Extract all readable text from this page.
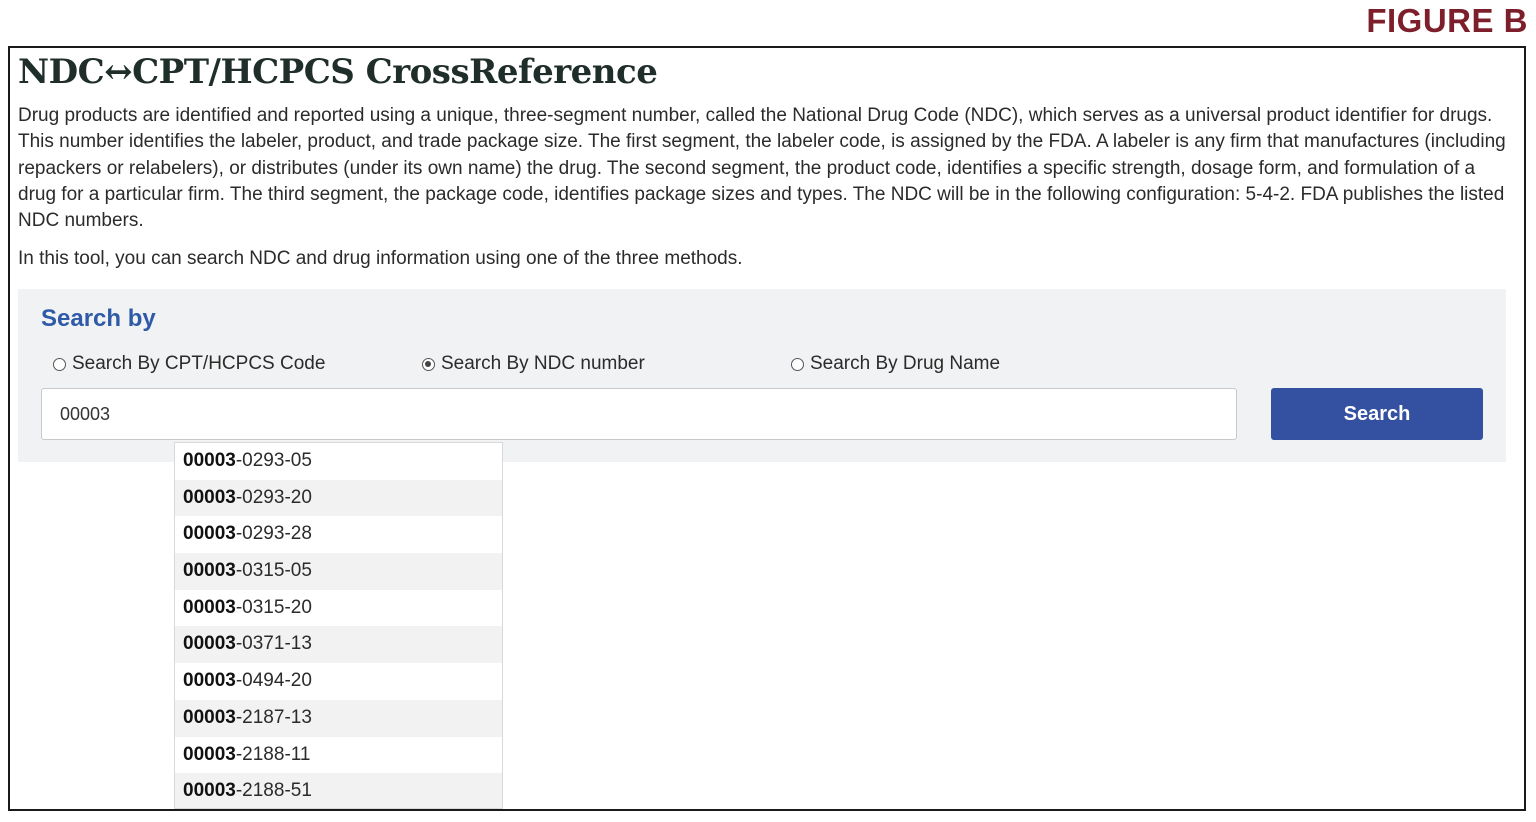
FIGURE B
NDC↔CPT/HCPCS CrossReference

Drug products are identified and reported using a unique, three-segment number, called the National Drug Code (NDC), which serves as a universal product identifier for drugs. This number identifies the labeler, product, and trade package size. The first segment, the labeler code, is assigned by the FDA. A labeler is any firm that manufactures (including repackers or relabelers), or distributes (under its own name) the drug. The second segment, the product code, identifies a specific strength, dosage form, and formulation of a drug for a particular firm. The third segment, the package code, identifies package sizes and types. The NDC will be in the following configuration: 5-4-2. FDA publishes the listed NDC numbers.

In this tool, you can search NDC and drug information using one of the three methods.

Search by
Search By CPT/HCPCS Code	Search By NDC number	Search By Drug Name
00003
Search
00003-0293-05
00003-0293-20
00003-0293-28
00003-0315-05
00003-0315-20
00003-0371-13
00003-0494-20
00003-2187-13
00003-2188-11
00003-2188-51
